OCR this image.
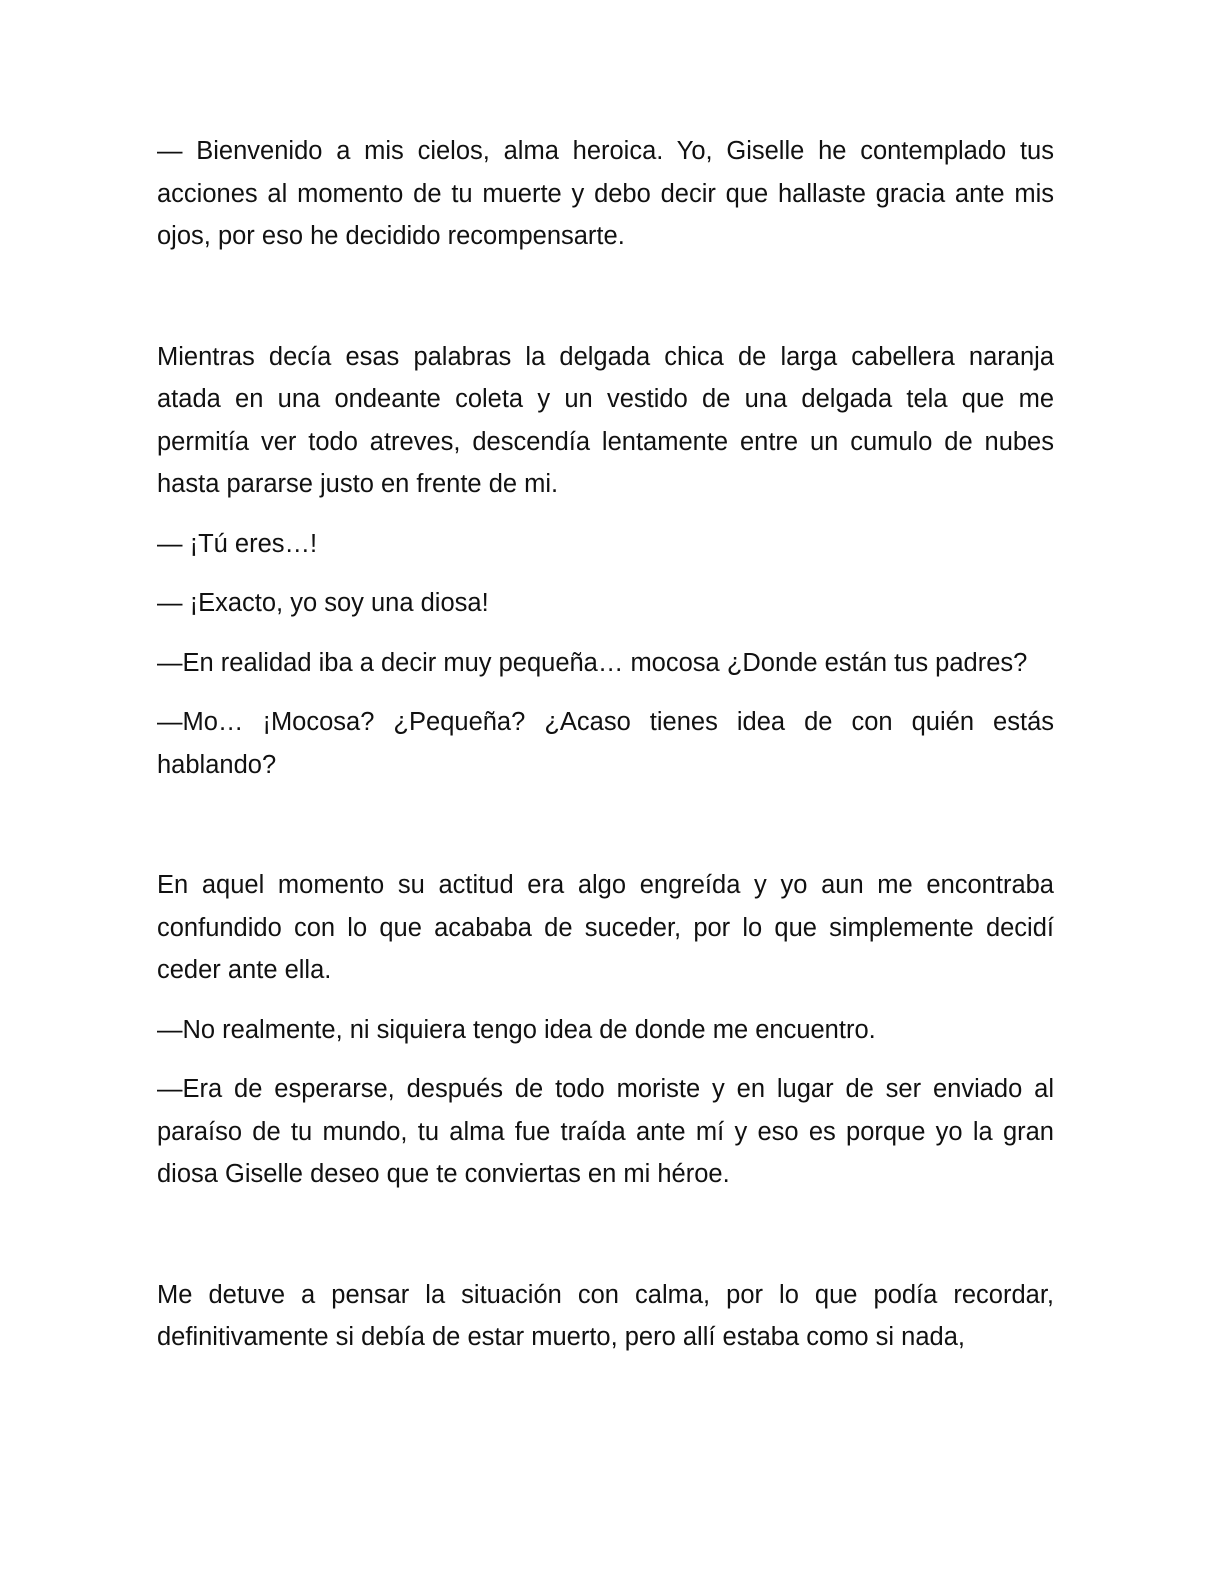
— Bienvenido a mis cielos, alma heroica. Yo, Giselle he contemplado tus acciones al momento de tu muerte y debo decir que hallaste gracia ante mis ojos, por eso he decidido recompensarte.

Mientras decía esas palabras la delgada chica de larga cabellera naranja atada en una ondeante coleta y un vestido de una delgada tela que me permitía ver todo atreves, descendía lentamente entre un cumulo de nubes hasta pararse justo en frente de mi.

— ¡Tú eres…!

— ¡Exacto, yo soy una diosa!

—En realidad iba a decir muy pequeña… mocosa ¿Donde están tus padres?

—Mo… ¡Mocosa? ¿Pequeña? ¿Acaso tienes idea de con quién estás hablando?

En aquel momento su actitud era algo engreída y yo aun me encontraba confundido con lo que acababa de suceder, por lo que simplemente decidí ceder ante ella.

—No realmente, ni siquiera tengo idea de donde me encuentro.

—Era de esperarse, después de todo moriste y en lugar de ser enviado al paraíso de tu mundo, tu alma fue traída ante mí y eso es porque yo la gran diosa Giselle deseo que te conviertas en mi héroe.

Me detuve a pensar la situación con calma, por lo que podía recordar, definitivamente si debía de estar muerto, pero allí estaba como si nada,
